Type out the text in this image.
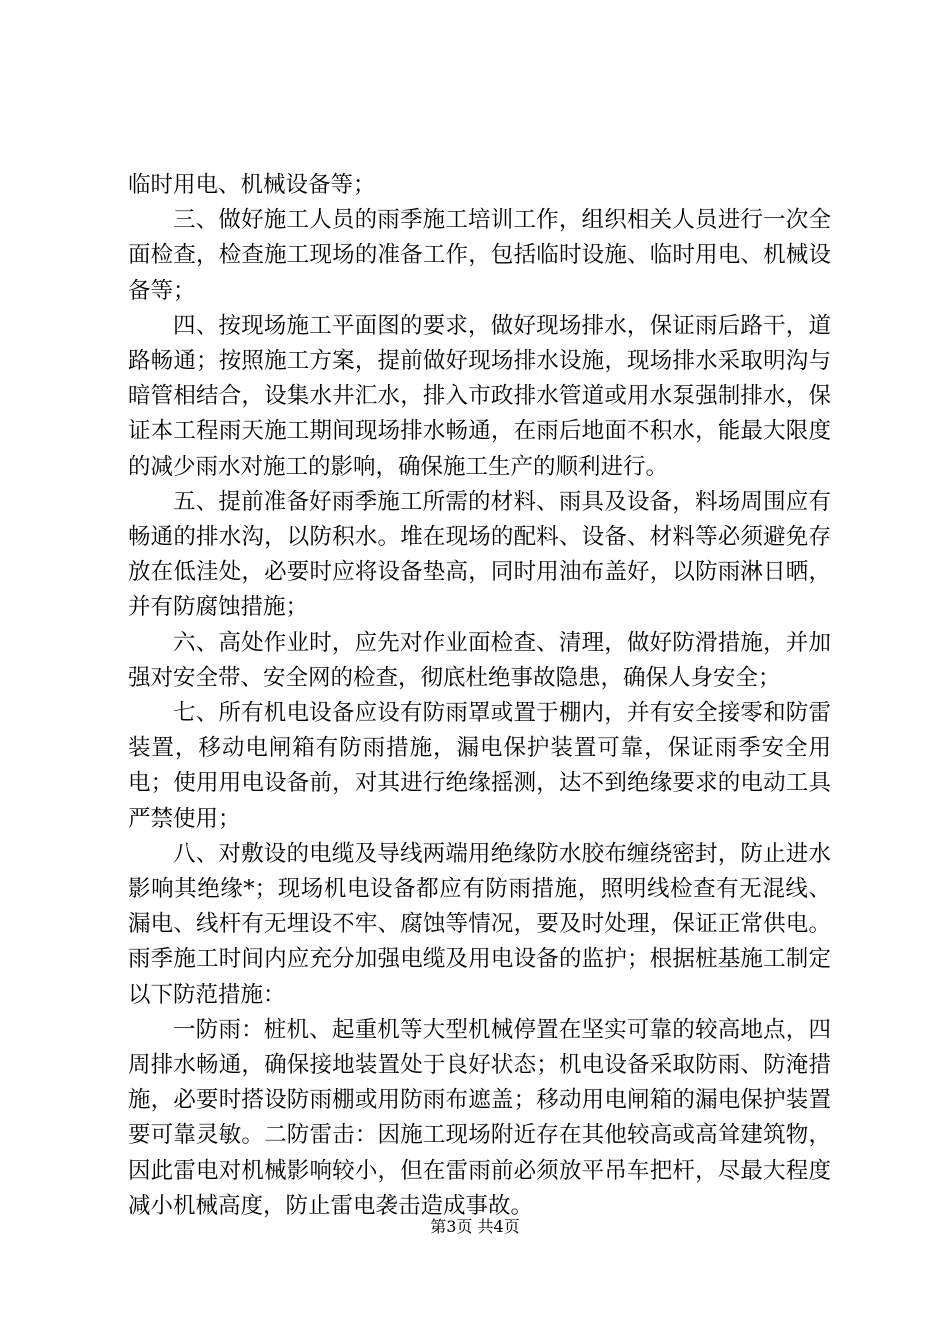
临时用电、机械设备等；

三、做好施工人员的雨季施工培训工作，组织相关人员进行一次全面检查，检查施工现场的准备工作，包括临时设施、临时用电、机械设备等；

四、按现场施工平面图的要求，做好现场排水，保证雨后路干，道路畅通；按照施工方案，提前做好现场排水设施，现场排水采取明沟与暗管相结合，设集水井汇水，排入市政排水管道或用水泵强制排水，保证本工程雨天施工期间现场排水畅通，在雨后地面不积水，能最大限度的减少雨水对施工的影响，确保施工生产的顺利进行。

五、提前准备好雨季施工所需的材料、雨具及设备，料场周围应有畅通的排水沟，以防积水。堆在现场的配料、设备、材料等必须避免存放在低洼处，必要时应将设备垫高，同时用油布盖好，以防雨淋日晒，并有防腐蚀措施；

六、高处作业时，应先对作业面检查、清理，做好防滑措施，并加强对安全带、安全网的检查，彻底杜绝事故隐患，确保人身安全；

七、所有机电设备应设有防雨罩或置于棚内，并有安全接零和防雷装置，移动电闸箱有防雨措施，漏电保护装置可靠，保证雨季安全用电；使用用电设备前，对其进行绝缘摇测，达不到绝缘要求的电动工具严禁使用；

八、对敷设的电缆及导线两端用绝缘防水胶布缠绕密封，防止进水影响其绝缘*；现场机电设备都应有防雨措施，照明线检查有无混线、漏电、线杆有无埋设不牢、腐蚀等情况，要及时处理，保证正常供电。雨季施工时间内应充分加强电缆及用电设备的监护；根据桩基施工制定以下防范措施：

一防雨：桩机、起重机等大型机械停置在坚实可靠的较高地点，四周排水畅通，确保接地装置处于良好状态；机电设备采取防雨、防淹措施，必要时搭设防雨棚或用防雨布遮盖；移动用电闸箱的漏电保护装置要可靠灵敏。二防雷击：因施工现场附近存在其他较高或高耸建筑物，因此雷电对机械影响较小，但在雷雨前必须放平吊车把杆，尽最大程度减小机械高度，防止雷电袭击造成事故。

第3页 共4页
